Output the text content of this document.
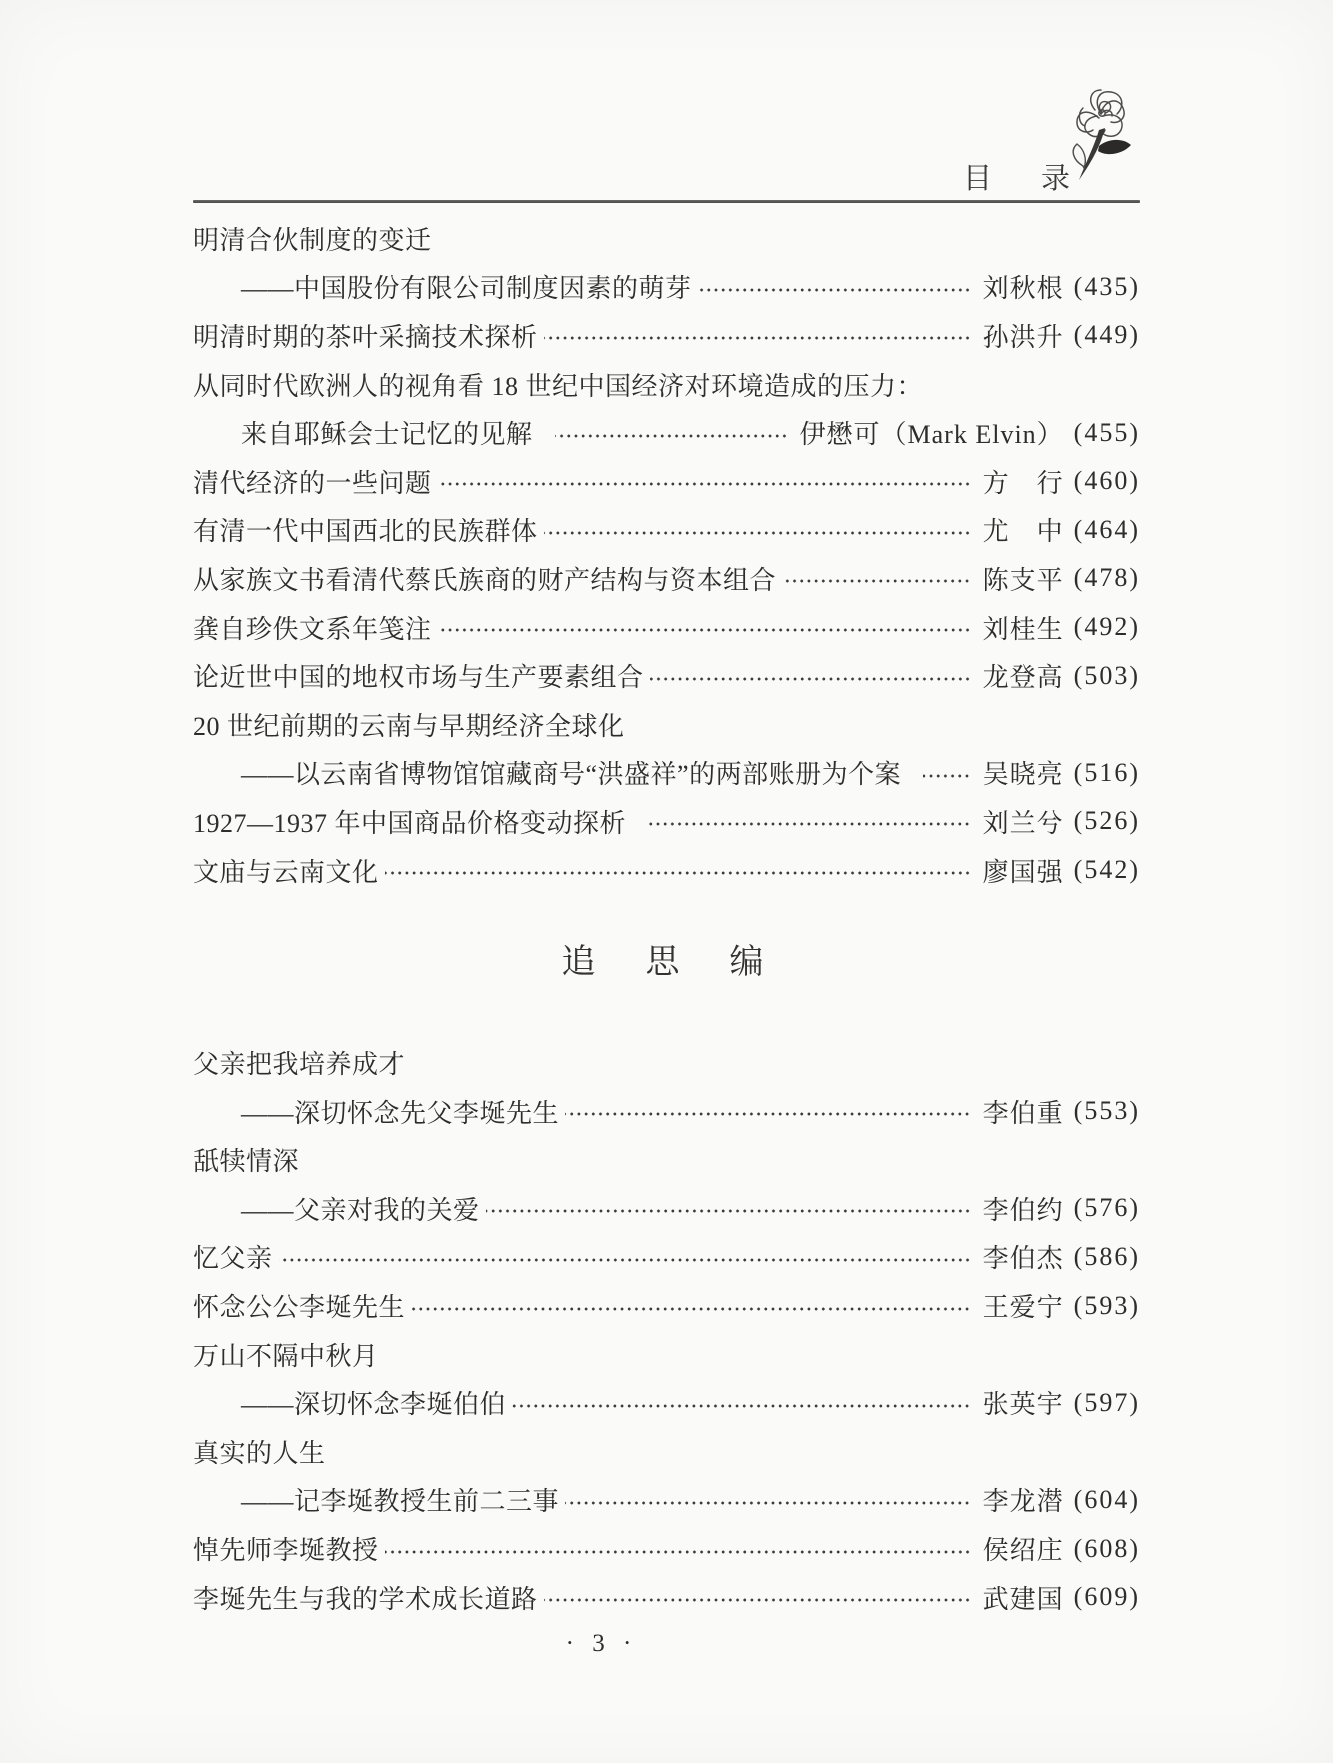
目　录
明清合伙制度的变迁
——中国股份有限公司制度因素的萌芽	刘秋根 (435)
明清时期的茶叶采摘技术探析	孙洪升 (449)
从同时代欧洲人的视角看 18 世纪中国经济对环境造成的压力：
来自耶稣会士记忆的见解	伊懋可（Mark Elvin） (455)
清代经济的一些问题	方　行 (460)
有清一代中国西北的民族群体	尤　中 (464)
从家族文书看清代蔡氏族商的财产结构与资本组合	陈支平 (478)
龚自珍佚文系年笺注	刘桂生 (492)
论近世中国的地权市场与生产要素组合	龙登高 (503)
20 世纪前期的云南与早期经济全球化
——以云南省博物馆馆藏商号“洪盛祥”的两部账册为个案	吴晓亮 (516)
1927—1937 年中国商品价格变动探析	刘兰兮 (526)
文庙与云南文化	廖国强 (542)
追　思　编
父亲把我培养成才
——深切怀念先父李埏先生	李伯重 (553)
舐犊情深
——父亲对我的关爱	李伯约 (576)
忆父亲	李伯杰 (586)
怀念公公李埏先生	王爱宁 (593)
万山不隔中秋月
——深切怀念李埏伯伯	张英宇 (597)
真实的人生
——记李埏教授生前二三事	李龙潜 (604)
悼先师李埏教授	侯绍庄 (608)
李埏先生与我的学术成长道路	武建国 (609)
· 3 ·
